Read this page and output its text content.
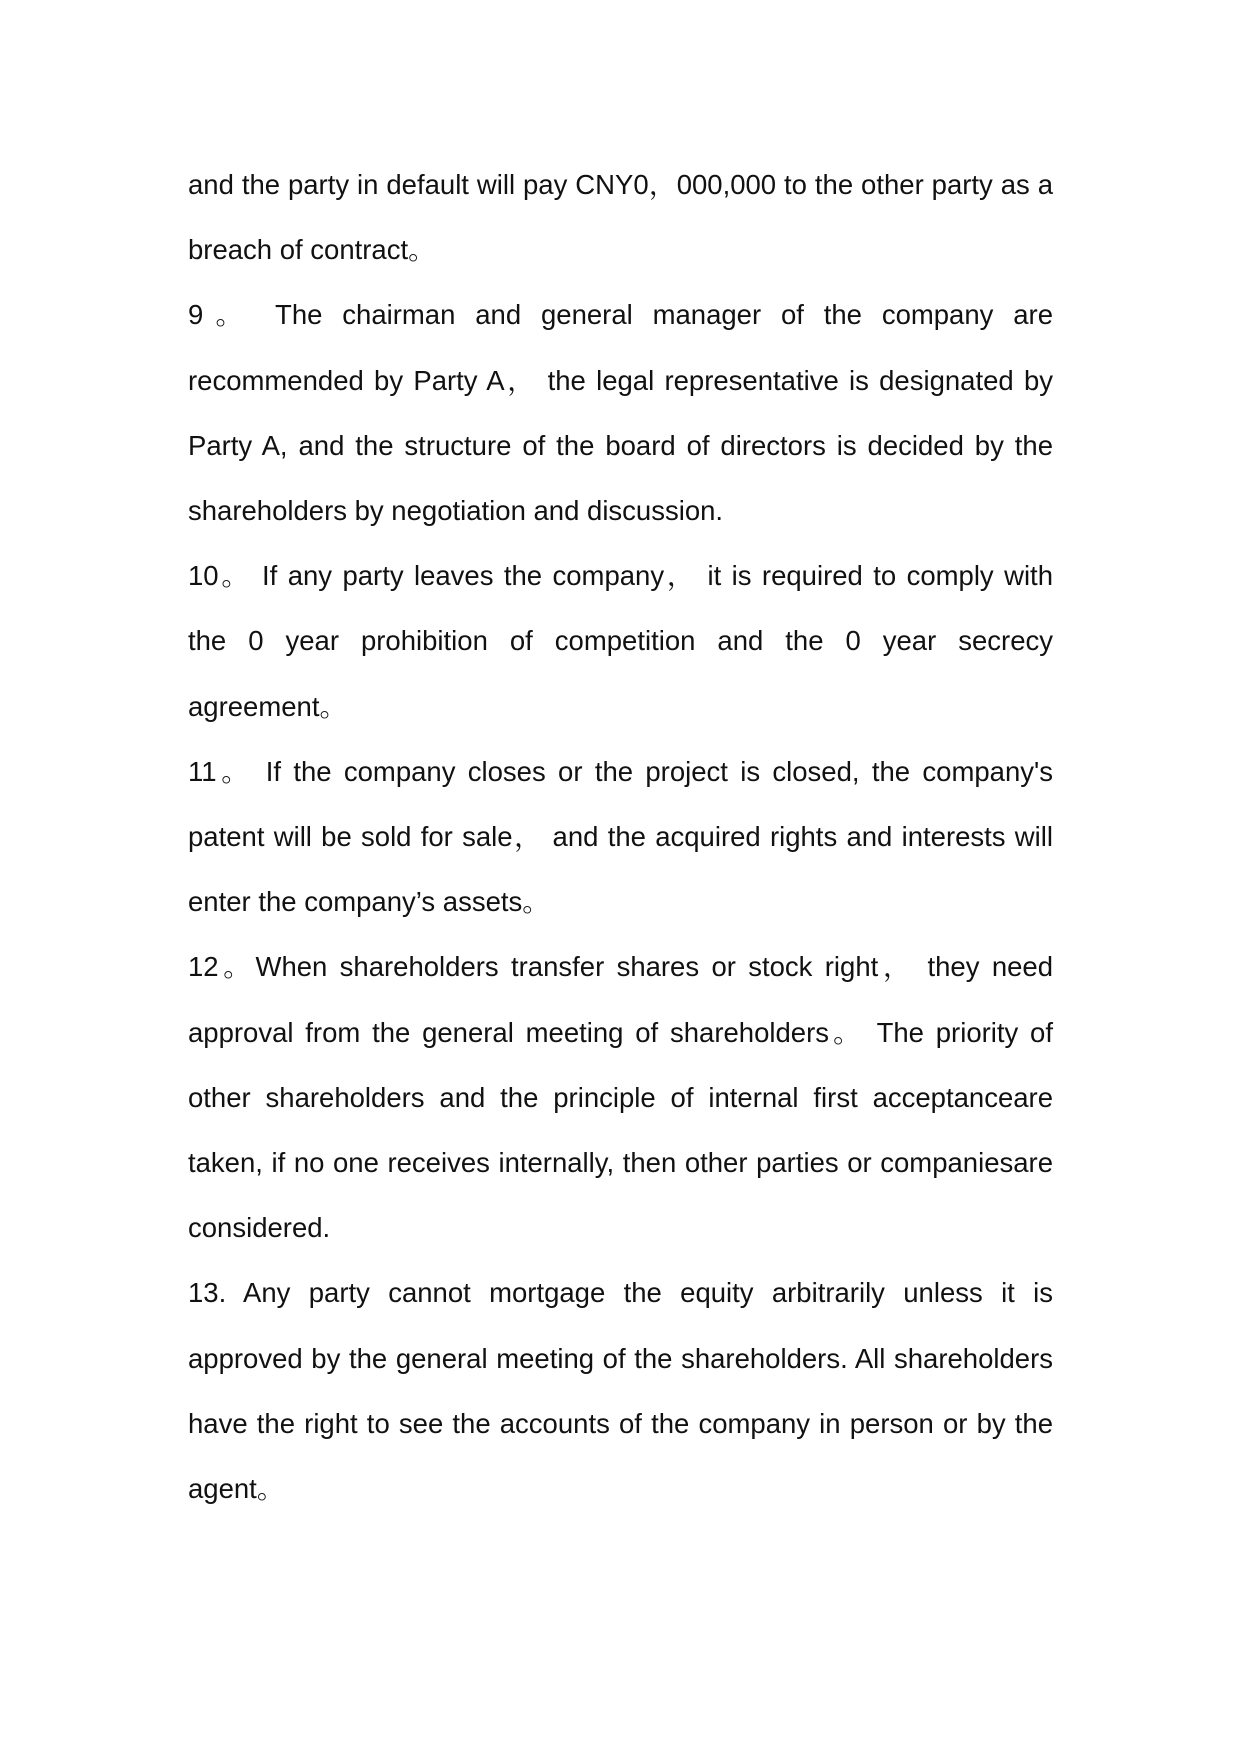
and the party in default will pay CNY0，000,000 to the other party as a breach of contract。

9。 The chairman and general manager of the company are recommended by Party A， the legal representative is designated by Party A, and the structure of the board of directors is decided by the shareholders by negotiation and discussion.

10。 If any party leaves the company， it is required to comply with the 0 year prohibition of competition and the 0 year secrecy agreement。

11。 If the company closes or the project is closed, the company's patent will be sold for sale， and the acquired rights and interests will enter the company’s assets。

12。When shareholders transfer shares or stock right， they need approval from the general meeting of shareholders。 The priority of other shareholders and the principle of internal first acceptanceare taken, if no one receives internally, then other parties or companiesare considered.

13. Any party cannot mortgage the equity arbitrarily unless it is approved by the general meeting of the shareholders. All shareholders have the right to see the accounts of the company in person or by the agent。
